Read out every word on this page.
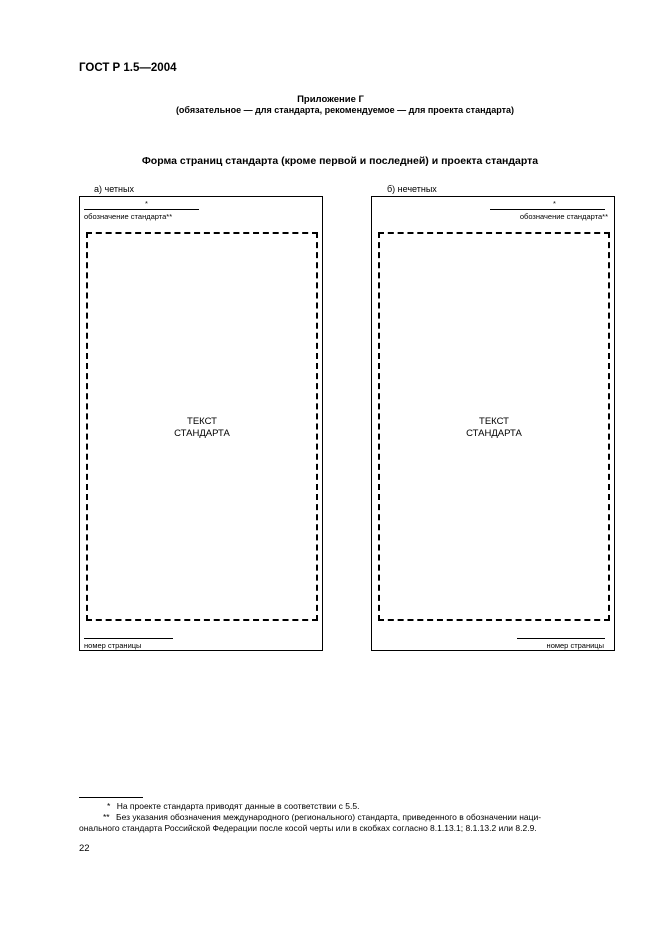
ГОСТ Р 1.5—2004
Приложение Г
(обязательное — для стандарта, рекомендуемое — для проекта стандарта)
Форма страниц стандарта (кроме первой и последней) и проекта стандарта
а) четных
*
обозначение стандарта**
ТЕКСТ
СТАНДАРТА
номер страницы
б) нечетных
*
обозначение стандарта**
ТЕКСТ
СТАНДАРТА
номер страницы
* На проекте стандарта приводят данные в соответствии с 5.5.
** Без указания обозначения международного (регионального) стандарта, приведенного в обозначении наци-
онального стандарта Российской Федерации после косой черты или в скобках согласно 8.1.13.1; 8.1.13.2 или 8.2.9.
22
